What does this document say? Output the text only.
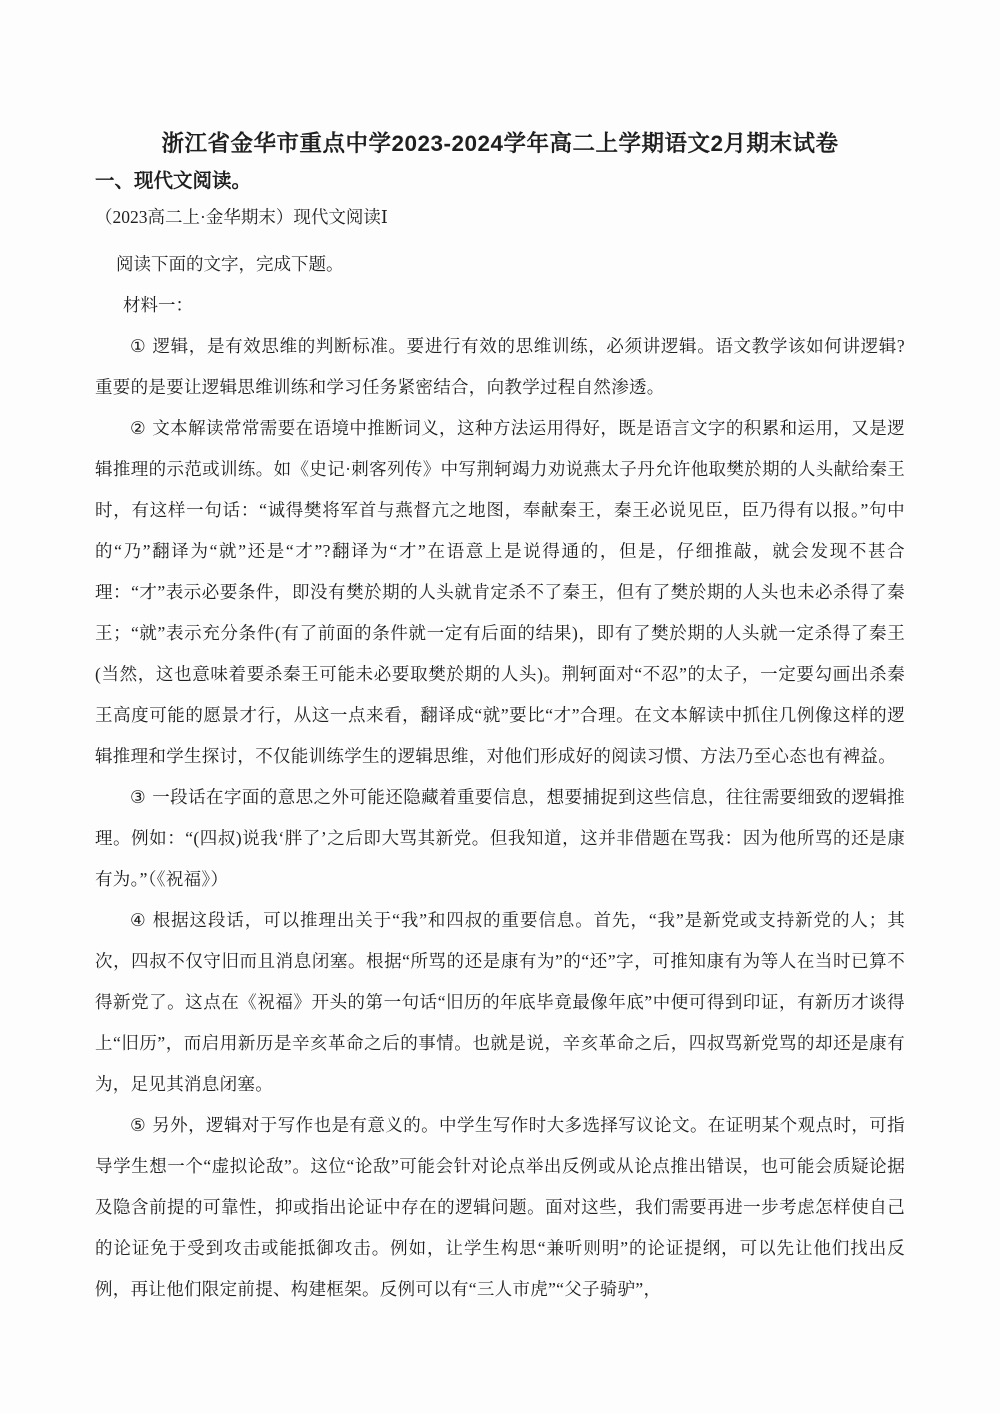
浙江省金华市重点中学2023-2024学年高二上学期语文2月期末试卷
一、现代文阅读。

（2023高二上·金华期末）现代文阅读Ⅰ

阅读下面的文字，完成下题。

材料一：

① 逻辑，是有效思维的判断标准。要进行有效的思维训练，必须讲逻辑。语文教学该如何讲逻辑?重要的是要让逻辑思维训练和学习任务紧密结合，向教学过程自然渗透。

② 文本解读常常需要在语境中推断词义，这种方法运用得好，既是语言文字的积累和运用，又是逻辑推理的示范或训练。如《史记·刺客列传》中写荆轲竭力劝说燕太子丹允许他取樊於期的人头献给秦王时，有这样一句话：“诚得樊将军首与燕督亢之地图，奉献秦王，秦王必说见臣，臣乃得有以报。”句中的“乃”翻译为“就”还是“才”?翻译为“才”在语意上是说得通的，但是，仔细推敲，就会发现不甚合理：“才”表示必要条件，即没有樊於期的人头就肯定杀不了秦王，但有了樊於期的人头也未必杀得了秦王；“就”表示充分条件(有了前面的条件就一定有后面的结果)，即有了樊於期的人头就一定杀得了秦王(当然，这也意味着要杀秦王可能未必要取樊於期的人头)。荆轲面对“不忍”的太子，一定要勾画出杀秦王高度可能的愿景才行，从这一点来看，翻译成“就”要比“才”合理。在文本解读中抓住几例像这样的逻辑推理和学生探讨，不仅能训练学生的逻辑思维，对他们形成好的阅读习惯、方法乃至心态也有裨益。

③ 一段话在字面的意思之外可能还隐藏着重要信息，想要捕捉到这些信息，往往需要细致的逻辑推理。例如：“(四叔)说我‘胖了’之后即大骂其新党。但我知道，这并非借题在骂我：因为他所骂的还是康有为。”（《祝福》）

④ 根据这段话，可以推理出关于“我”和四叔的重要信息。首先，“我”是新党或支持新党的人；其次，四叔不仅守旧而且消息闭塞。根据“所骂的还是康有为”的“还”字，可推知康有为等人在当时已算不得新党了。这点在《祝福》开头的第一句话“旧历的年底毕竟最像年底”中便可得到印证，有新历才谈得上“旧历”，而启用新历是辛亥革命之后的事情。也就是说，辛亥革命之后，四叔骂新党骂的却还是康有为，足见其消息闭塞。

⑤ 另外，逻辑对于写作也是有意义的。中学生写作时大多选择写议论文。在证明某个观点时，可指导学生想一个“虚拟论敌”。这位“论敌”可能会针对论点举出反例或从论点推出错误，也可能会质疑论据及隐含前提的可靠性，抑或指出论证中存在的逻辑问题。面对这些，我们需要再进一步考虑怎样使自己的论证免于受到攻击或能抵御攻击。例如，让学生构思“兼听则明”的论证提纲，可以先让他们找出反例，再让他们限定前提、构建框架。反例可以有“三人市虎”“父子骑驴”，
